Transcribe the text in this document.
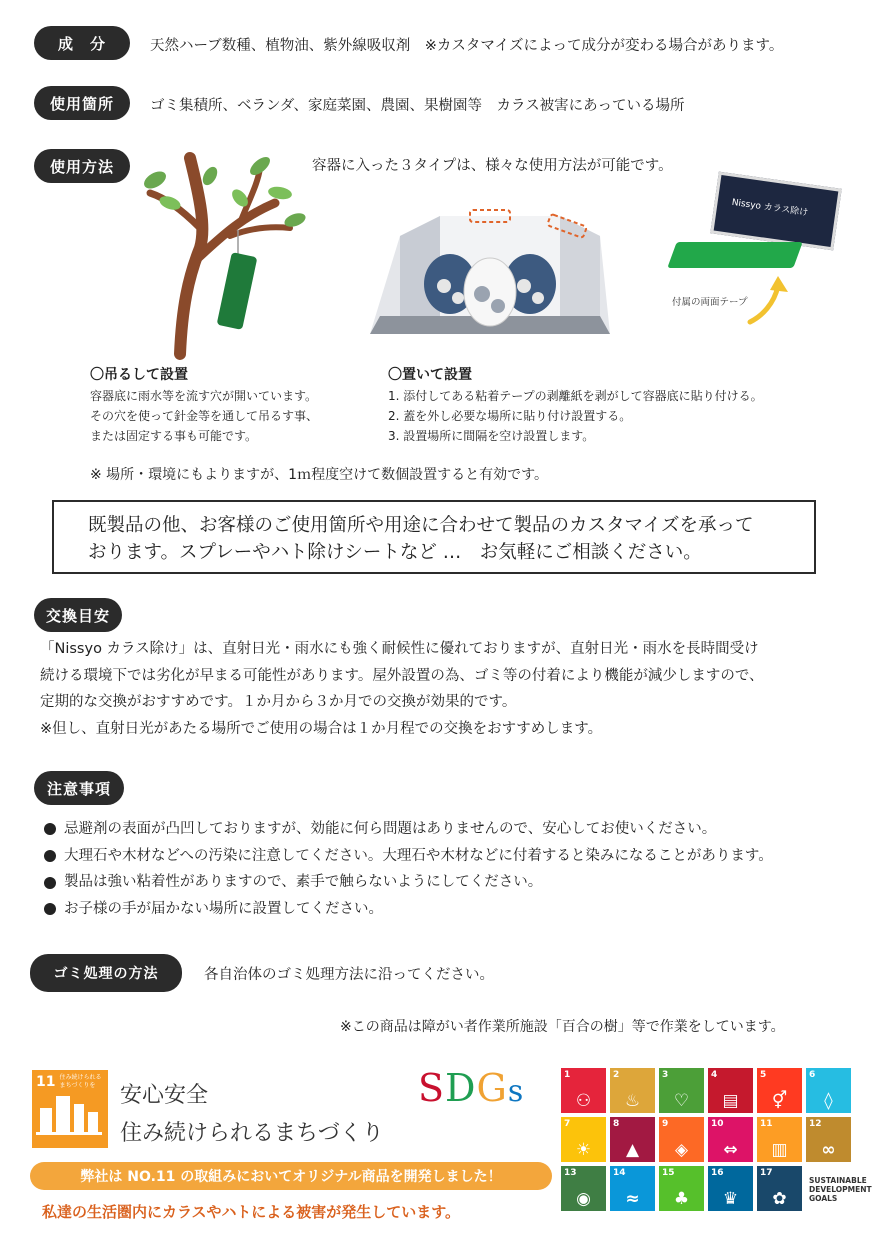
成　分	天然ハーブ数種、植物油、紫外線吸収剤　※カスタマイズによって成分が変わる場合があります。
使用箇所	ゴミ集積所、ベランダ、家庭菜園、農園、果樹園等　カラス被害にあっている場所
使用方法	容器に入った３タイプは、様々な使用方法が可能です。
Nissyo カラス除け
付属の両面テープ
〇吊るして設置
容器底に雨水等を流す穴が開いています。
その穴を使って針金等を通して吊るす事、
または固定する事も可能です。
〇置いて設置
1. 添付してある粘着テープの剥離紙を剥がして容器底に貼り付ける。
2. 蓋を外し必要な場所に貼り付け設置する。
3. 設置場所に間隔を空け設置します。
※ 場所・環境にもよりますが、1ｍ程度空けて数個設置すると有効です。
既製品の他、お客様のご使用箇所や用途に合わせて製品のカスタマイズを承って
おります。スプレーやハト除けシートなど …　お気軽にご相談ください。
交換目安
「Nissyo カラス除け」は、直射日光・雨水にも強く耐候性に優れておりますが、直射日光・雨水を長時間受け
続ける環境下では劣化が早まる可能性があります。屋外設置の為、ゴミ等の付着により機能が減少しますので、
定期的な交換がおすすめです。１か月から３か月での交換が効果的です。
※但し、直射日光があたる場所でご使用の場合は１か月程での交換をおすすめします。
注意事項
忌避剤の表面が凸凹しておりますが、効能に何ら問題はありませんので、安心してお使いください。
大理石や木材などへの汚染に注意してください。大理石や木材などに付着すると染みになることがあります。
製品は強い粘着性がありますので、素手で触らないようにしてください。
お子様の手が届かない場所に設置してください。
ゴミ処理の方法	各自治体のゴミ処理方法に沿ってください。
※この商品は障がい者作業所施設「百合の樹」等で作業をしています。
11 住み続けられる まちづくりを 安心安全
住み続けられるまちづくり
SDGs
弊社は NO.11 の取組みにおいてオリジナル商品を開発しました！
私達の生活圏内にカラスやハトによる被害が発生しています。
1
⚇
2
♨
3
♡
4
▤
5
⚥
6
◊
7
☀
8
▲
9
◈
10
⇔
11
▥
12
∞
13
◉
14
≈
15
♣
16
♛
17
✿
SUSTAINABLE DEVELOPMENT GOALS
